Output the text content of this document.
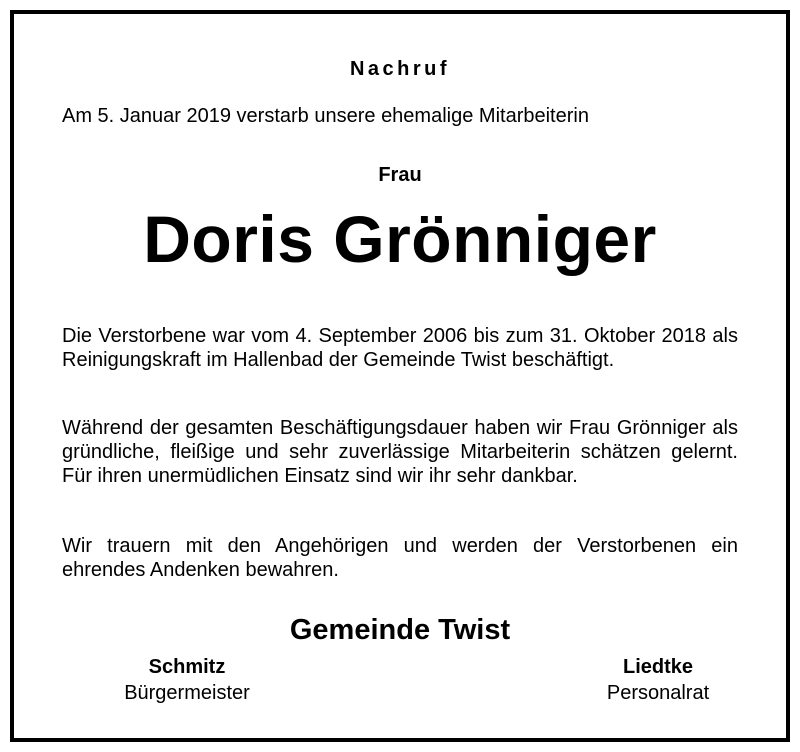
Nachruf
Am 5. Januar 2019 verstarb unsere ehemalige Mitarbeiterin
Frau
Doris Grönniger
Die Verstorbene war vom 4. September 2006 bis zum 31. Oktober 2018 als Reinigungskraft im Hallenbad der Gemeinde Twist beschäftigt.
Während der gesamten Beschäftigungsdauer haben wir Frau Grönniger als gründliche, fleißige und sehr zuverlässige Mitarbeiterin schätzen gelernt. Für ihren unermüdlichen Einsatz sind wir ihr sehr dankbar.
Wir trauern mit den Angehörigen und werden der Verstorbenen ein ehrendes Andenken bewahren.
Gemeinde Twist
Schmitz
Bürgermeister
Liedtke
Personalrat
